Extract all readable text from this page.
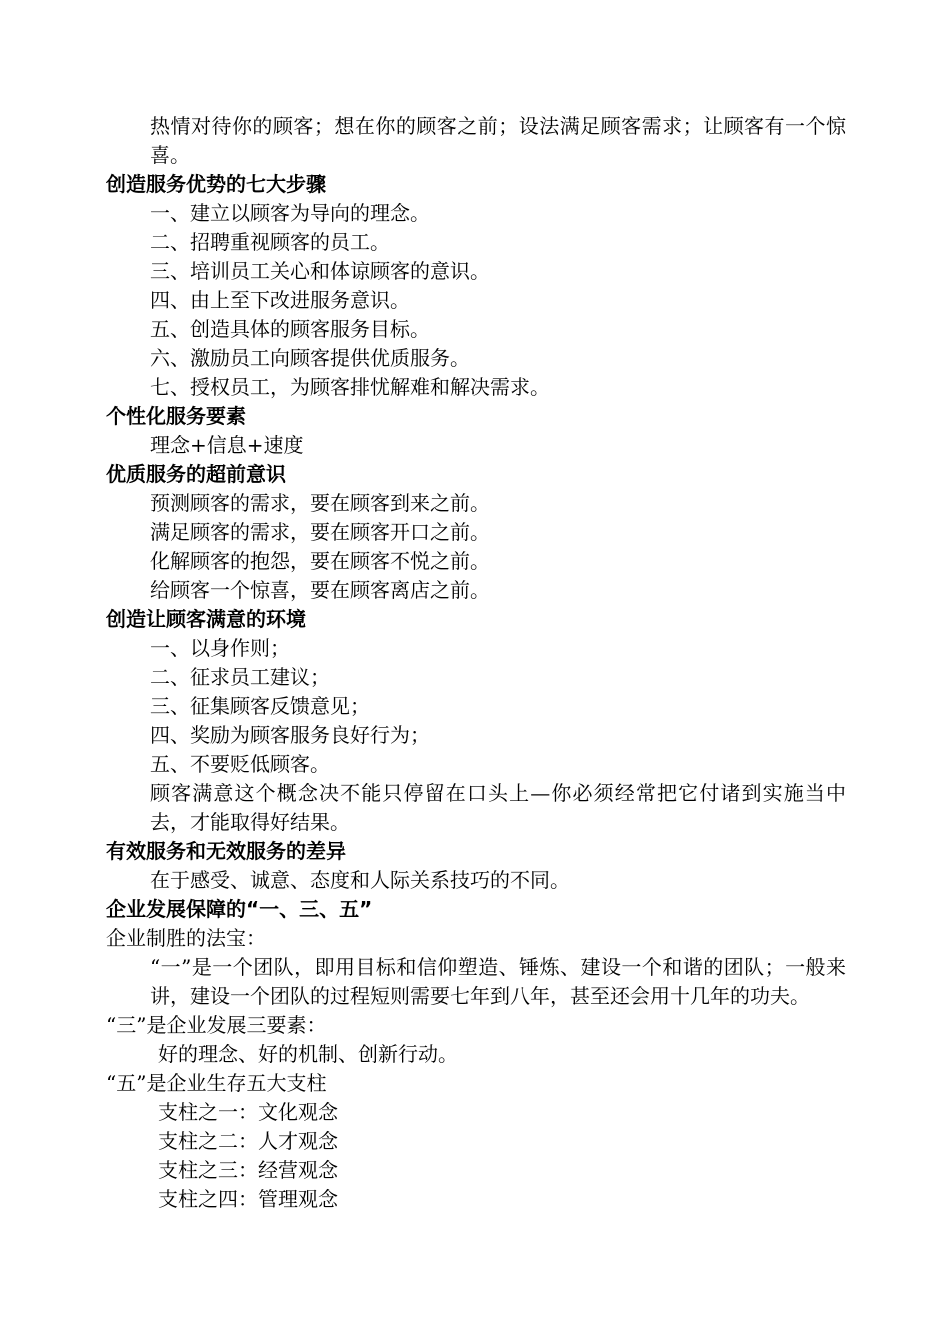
热情对待你的顾客；想在你的顾客之前；设法满足顾客需求；让顾客有一个惊喜。
创造服务优势的七大步骤
一、建立以顾客为导向的理念。
二、招聘重视顾客的员工。
三、培训员工关心和体谅顾客的意识。
四、由上至下改进服务意识。
五、创造具体的顾客服务目标。
六、激励员工向顾客提供优质服务。
七、授权员工，为顾客排忧解难和解决需求。
个性化服务要素
理念+信息+速度
优质服务的超前意识
预测顾客的需求，要在顾客到来之前。
满足顾客的需求，要在顾客开口之前。
化解顾客的抱怨，要在顾客不悦之前。
给顾客一个惊喜，要在顾客离店之前。
创造让顾客满意的环境
一、以身作则；
二、征求员工建议；
三、征集顾客反馈意见；
四、奖励为顾客服务良好行为；
五、不要贬低顾客。
顾客满意这个概念决不能只停留在口头上—你必须经常把它付诸到实施当中去，才能取得好结果。
有效服务和无效服务的差异
在于感受、诚意、态度和人际关系技巧的不同。
企业发展保障的“一、三、五”
企业制胜的法宝：
“一”是一个团队，即用目标和信仰塑造、锤炼、建设一个和谐的团队；一般来讲，建设一个团队的过程短则需要七年到八年，甚至还会用十几年的功夫。
“三”是企业发展三要素：
好的理念、好的机制、创新行动。
“五”是企业生存五大支柱
支柱之一：文化观念
支柱之二：人才观念
支柱之三：经营观念
支柱之四：管理观念
